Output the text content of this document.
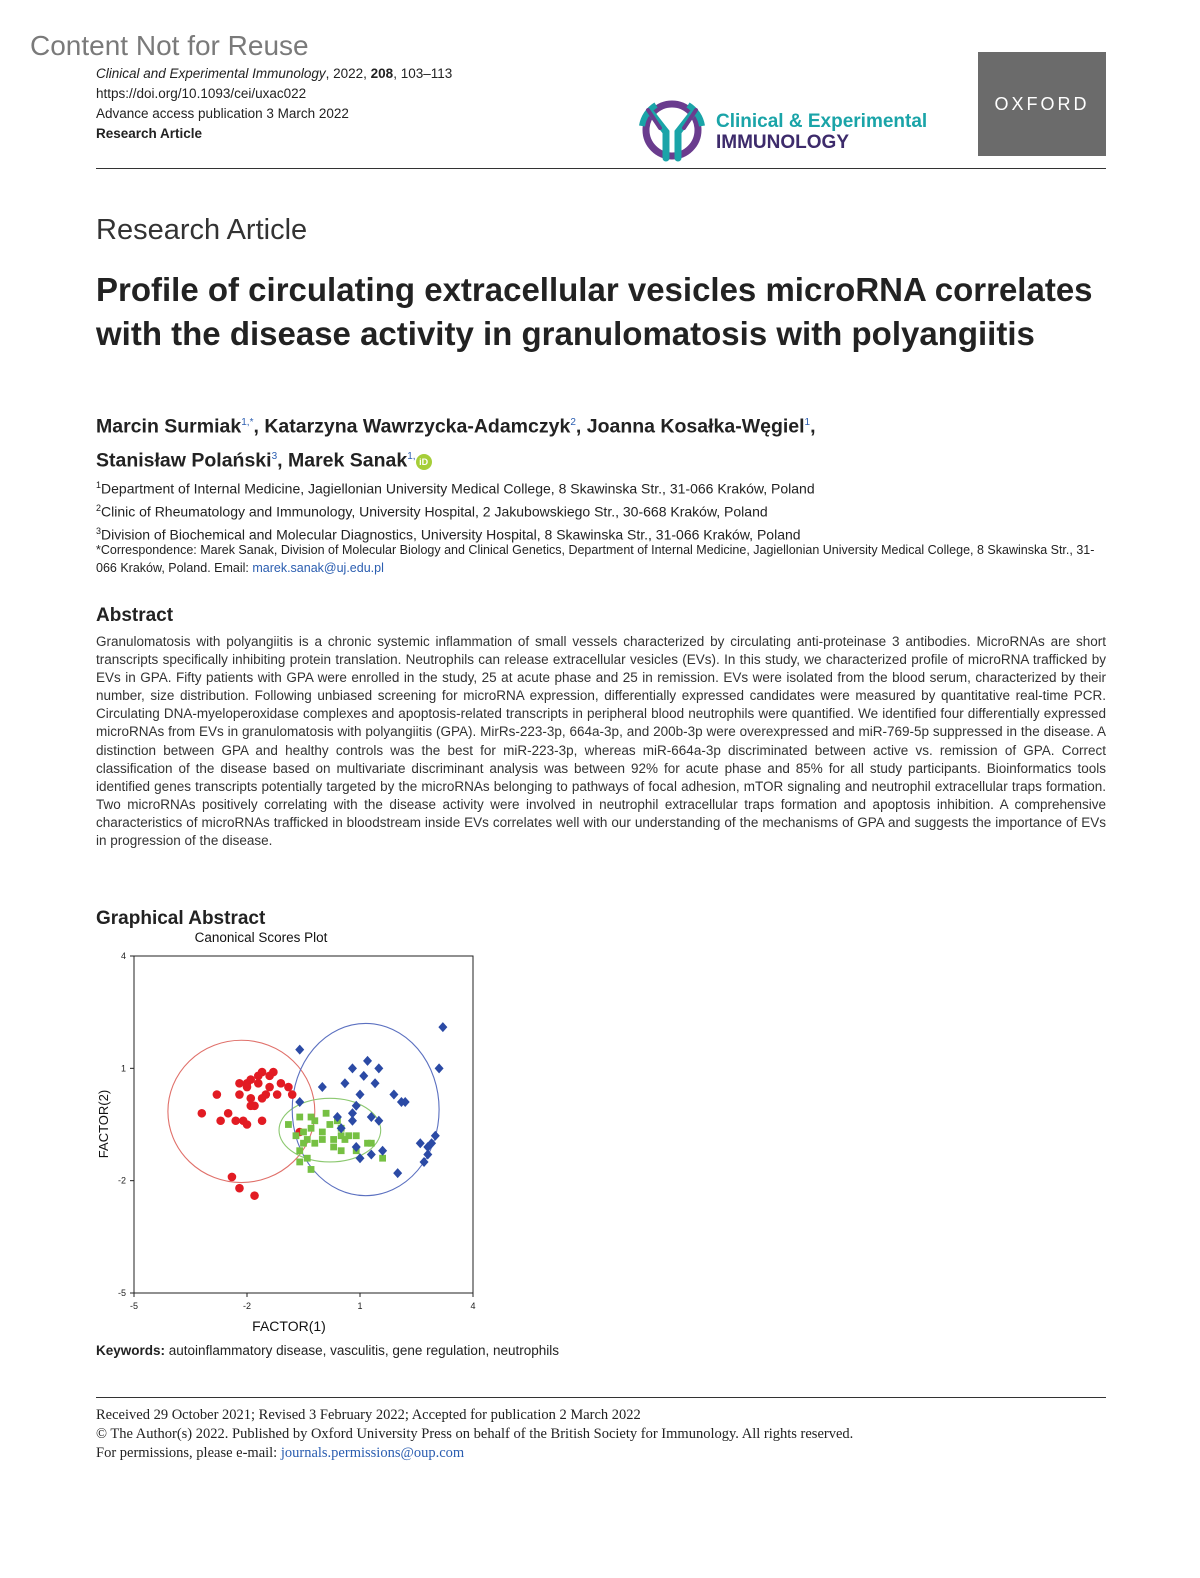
Content Not for Reuse
Clinical and Experimental Immunology, 2022, 208, 103–113
https://doi.org/10.1093/cei/uxac022
Advance access publication 3 March 2022
Research Article
Clinical & Experimental
IMMUNOLOGY
OXFORD
Research Article
Profile of circulating extracellular vesicles microRNA correlates with the disease activity in granulomatosis with polyangiitis
Marcin Surmiak$^{1,*}$, Katarzyna Wawrzycka-Adamczyk$^2$, Joanna Kosałka-Węgiel$^1$,
Stanisław Polański$^3$, Marek Sanak$^{1,}$iD
$^1$Department of Internal Medicine, Jagiellonian University Medical College, 8 Skawinska Str., 31-066 Kraków, Poland
$^2$Clinic of Rheumatology and Immunology, University Hospital, 2 Jakubowskiego Str., 30-668 Kraków, Poland
$^3$Division of Biochemical and Molecular Diagnostics, University Hospital, 8 Skawinska Str., 31-066 Kraków, Poland
*Correspondence: Marek Sanak, Division of Molecular Biology and Clinical Genetics, Department of Internal Medicine, Jagiellonian University Medical College, 8 Skawinska Str., 31-066 Kraków, Poland. Email: marek.sanak@uj.edu.pl
Abstract
Granulomatosis with polyangiitis is a chronic systemic inflammation of small vessels characterized by circulating anti-proteinase 3 antibodies. MicroRNAs are short transcripts specifically inhibiting protein translation. Neutrophils can release extracellular vesicles (EVs). In this study, we characterized profile of microRNA trafficked by EVs in GPA. Fifty patients with GPA were enrolled in the study, 25 at acute phase and 25 in remission. EVs were isolated from the blood serum, characterized by their number, size distribution. Following unbiased screening for microRNA expression, differentially expressed candidates were measured by quantitative real-time PCR. Circulating DNA-myeloperoxidase complexes and apoptosis-related transcripts in peripheral blood neutrophils were quantified. We identified four differentially expressed microRNAs from EVs in granulomatosis with polyangiitis (GPA). MirRs-223-3p, 664a-3p, and 200b-3p were overexpressed and miR-769-5p suppressed in the disease. A distinction between GPA and healthy controls was the best for miR-223-3p, whereas miR-664a-3p discriminated between active vs. remission of GPA. Correct classification of the disease based on multivariate discriminant analysis was between 92% for acute phase and 85% for all study participants. Bioinformatics tools identified genes transcripts potentially targeted by the microRNAs belonging to pathways of focal adhesion, mTOR signaling and neutrophil extracellular traps formation. Two microRNAs positively correlating with the disease activity were involved in neutrophil extracellular traps formation and apoptosis inhibition. A comprehensive characteristics of microRNAs trafficked in bloodstream inside EVs correlates well with our understanding of the mechanisms of GPA and suggests the importance of EVs in progression of the disease.
Graphical Abstract
Canonical Scores Plot
-5	-2	1	4
-5
-2
1
4
FACTOR(1)
FACTOR(2)
Keywords: autoinflammatory disease, vasculitis, gene regulation, neutrophils
Received 29 October 2021; Revised 3 February 2022; Accepted for publication 2 March 2022
© The Author(s) 2022. Published by Oxford University Press on behalf of the British Society for Immunology. All rights reserved.
For permissions, please e-mail: journals.permissions@oup.com
